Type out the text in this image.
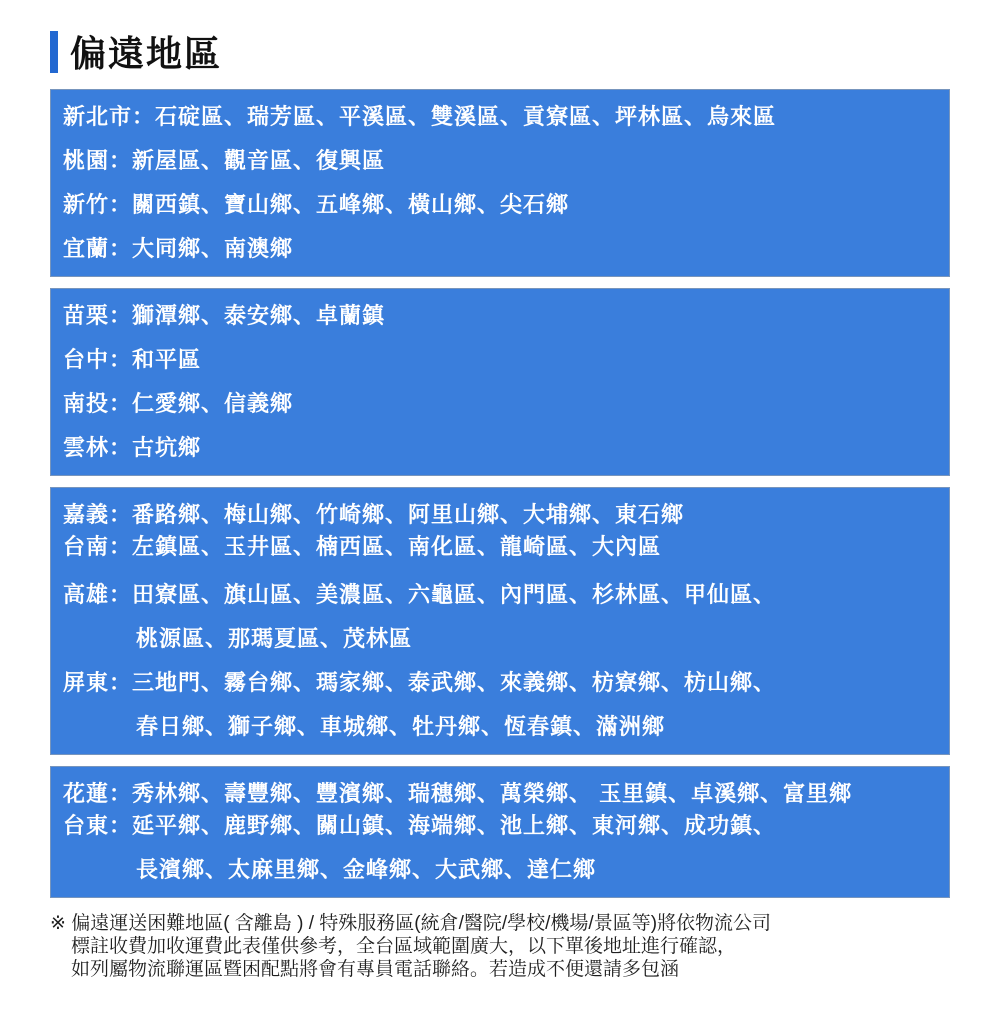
偏遠地區
新北市：石碇區、瑞芳區、平溪區、雙溪區、貢寮區、坪林區、烏來區
桃園：新屋區、觀音區、復興區
新竹：關西鎮、寶山鄉、五峰鄉、橫山鄉、尖石鄉
宜蘭：大同鄉、南澳鄉
苗栗：獅潭鄉、泰安鄉、卓蘭鎮
台中：和平區
南投：仁愛鄉、信義鄉
雲林：古坑鄉
嘉義：番路鄉、梅山鄉、竹崎鄉、阿里山鄉、大埔鄉、東石鄉
台南：左鎮區、玉井區、楠西區、南化區、龍崎區、大內區
高雄：田寮區、旗山區、美濃區、六龜區、內門區、杉林區、甲仙區、
桃源區、那瑪夏區、茂林區
屏東：三地門、霧台鄉、瑪家鄉、泰武鄉、來義鄉、枋寮鄉、枋山鄉、
春日鄉、獅子鄉、車城鄉、牡丹鄉、恆春鎮、滿洲鄉
花蓮：秀林鄉、壽豐鄉、豐濱鄉、瑞穗鄉、萬榮鄉、 玉里鎮、卓溪鄉、富里鄉
台東：延平鄉、鹿野鄉、關山鎮、海端鄉、池上鄉、東河鄉、成功鎮、
長濱鄉、太麻里鄉、金峰鄉、大武鄉、達仁鄉

※ 偏遠運送困難地區( 含離島 ) / 特殊服務區(統倉/醫院/學校/機場/景區等)將依物流公司

標註收費加收運費此表僅供參考，全台區域範圍廣大，以下單後地址進行確認，

如列屬物流聯運區暨困配點將會有專員電話聯絡。若造成不便還請多包涵
